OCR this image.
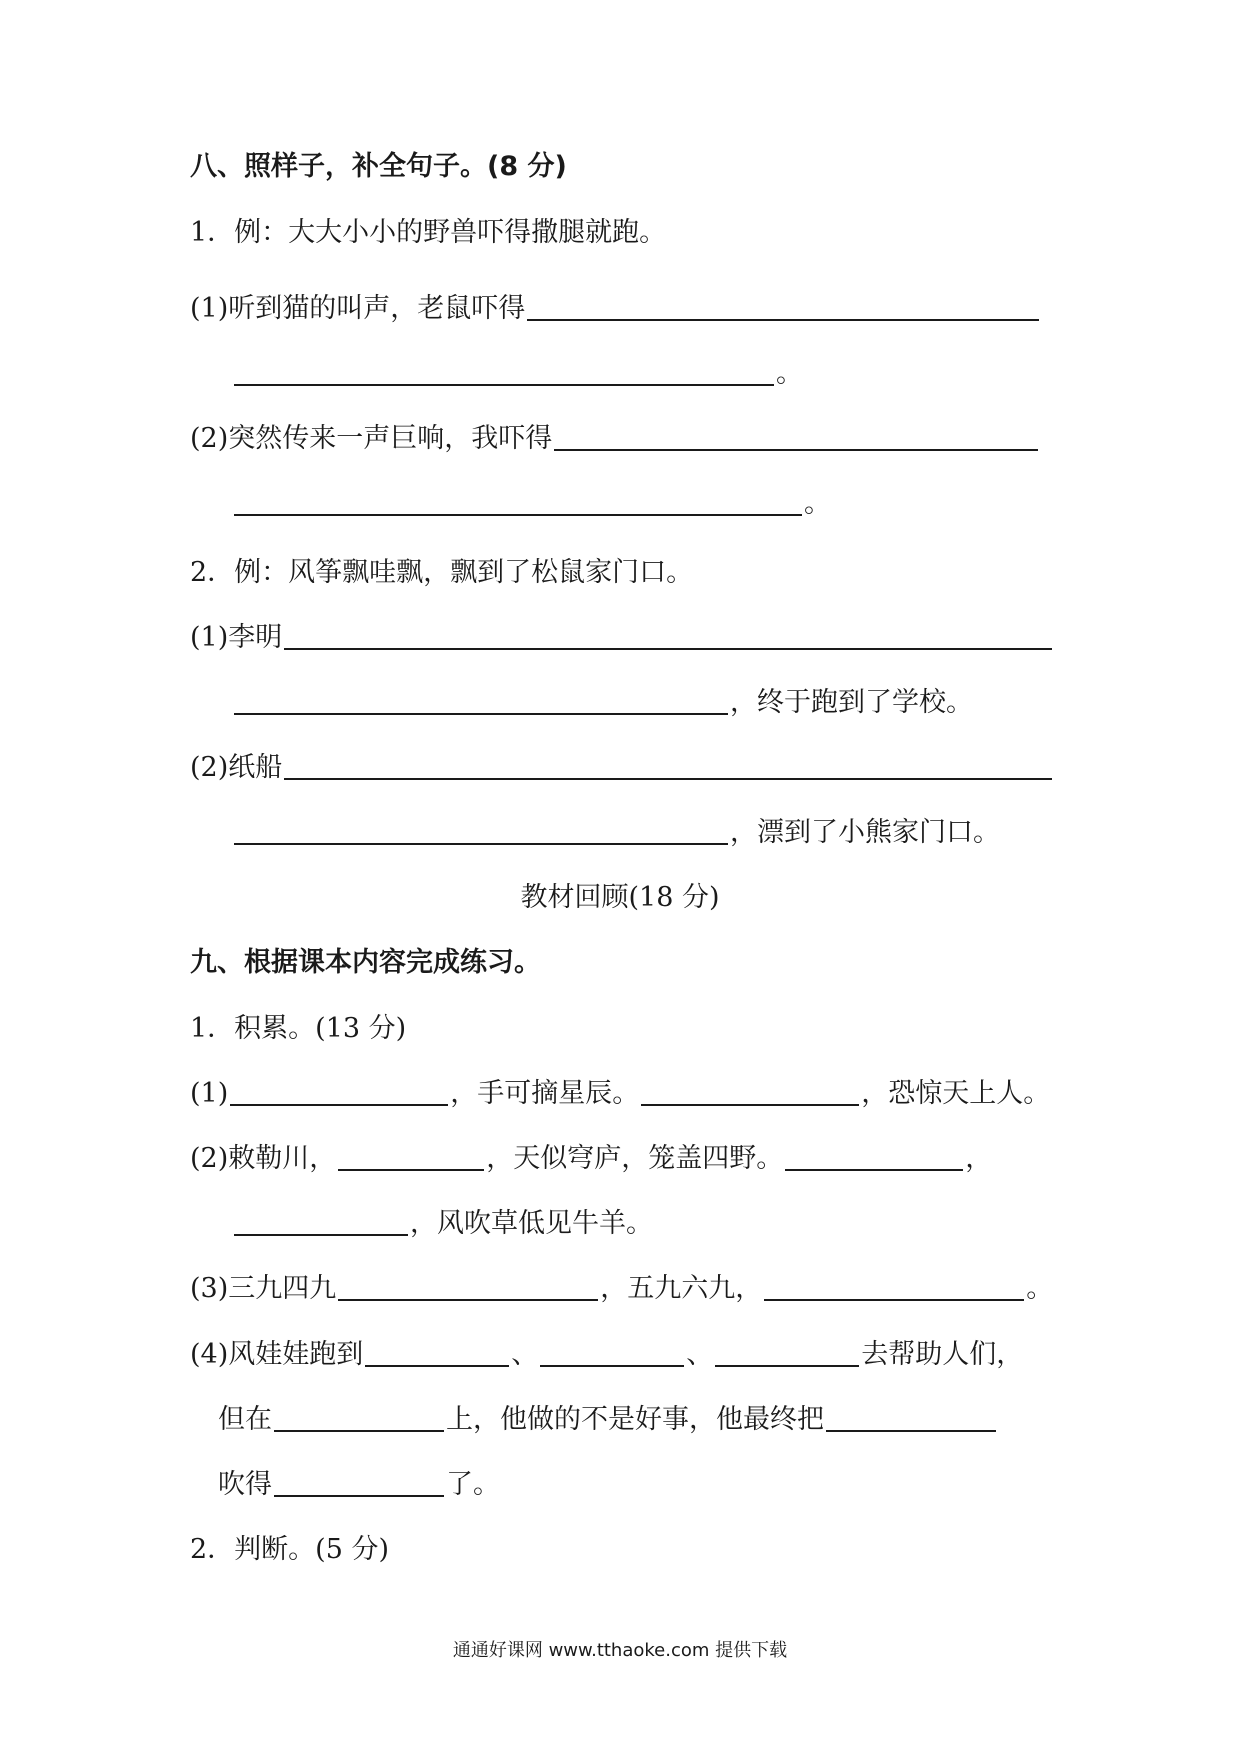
八、照样子，补全句子。(8 分)
1．例：大大小小的野兽吓得撒腿就跑。
(1)听到猫的叫声，老鼠吓得
。
(2)突然传来一声巨响，我吓得
。
2．例：风筝飘哇飘，飘到了松鼠家门口。
(1)李明
，终于跑到了学校。
(2)纸船
，漂到了小熊家门口。
教材回顾(18 分)
九、根据课本内容完成练习。
1．积累。(13 分)
(1)	，手可摘星辰。	，恐惊天上人。
(2)敕勒川，	，天似穹庐，笼盖四野。	，
，风吹草低见牛羊。
(3)三九四九	，五九六九，	。
(4)风娃娃跑到	、	、	去帮助人们，
但在	上，他做的不是好事，他最终把
吹得	了。
2．判断。(5 分)
通通好课网 www.tthaoke.com 提供下载
